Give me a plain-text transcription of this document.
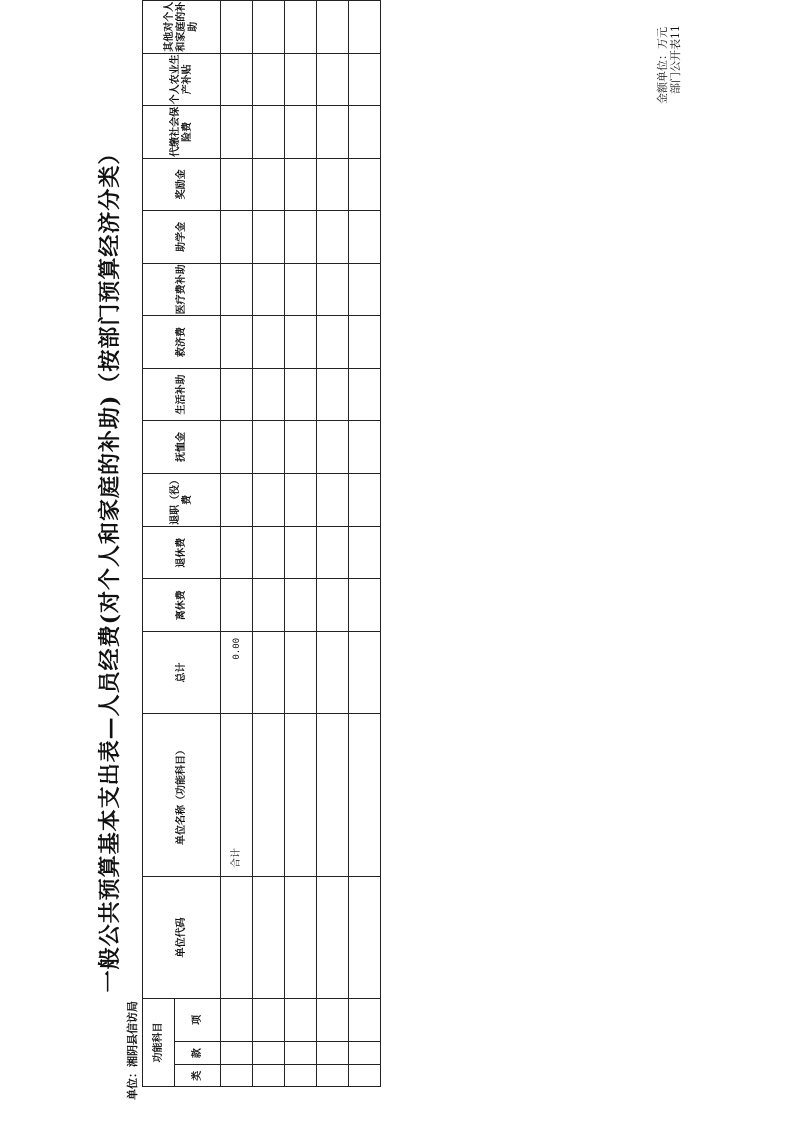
部门公开表11
金额单位：万元
一般公共预算基本支出表—人员经费(对个人和家庭的补助)（按部门预算经济分类）
单位：湘阴县信访局 功能科目			单位代码	单位名称（功能科目）	总计	离休费	退休费	退职（役）费	抚恤金	生活补助	救济费	医疗费补助	助学金	奖励金	代缴社会保险费	个人农业生产补贴	其他对个人和家庭的补助
类	款	项															
				合计	0.00												
